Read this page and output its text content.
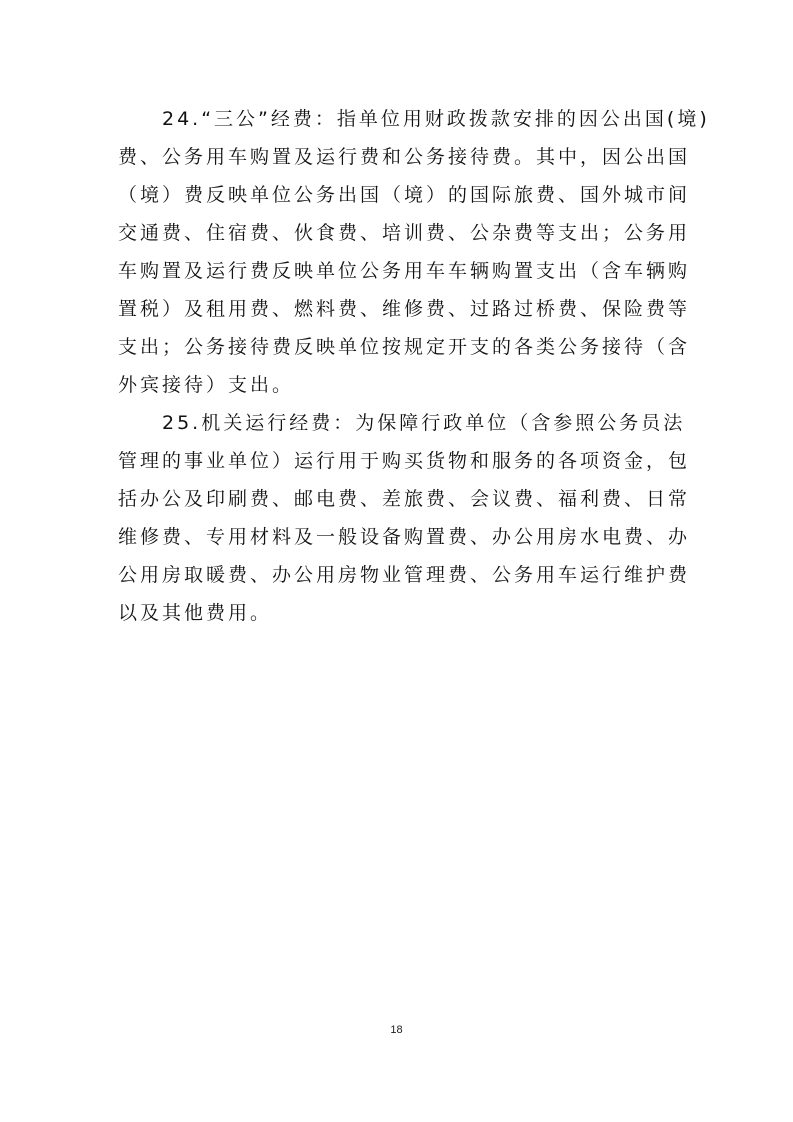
24.“三公”经费：指单位用财政拨款安排的因公出国(境)
费、公务用车购置及运行费和公务接待费。其中，因公出国
（境）费反映单位公务出国（境）的国际旅费、国外城市间
交通费、住宿费、伙食费、培训费、公杂费等支出；公务用
车购置及运行费反映单位公务用车车辆购置支出（含车辆购
置税）及租用费、燃料费、维修费、过路过桥费、保险费等
支出；公务接待费反映单位按规定开支的各类公务接待（含
外宾接待）支出。
25.机关运行经费：为保障行政单位（含参照公务员法
管理的事业单位）运行用于购买货物和服务的各项资金，包
括办公及印刷费、邮电费、差旅费、会议费、福利费、日常
维修费、专用材料及一般设备购置费、办公用房水电费、办
公用房取暖费、办公用房物业管理费、公务用车运行维护费
以及其他费用。
18
